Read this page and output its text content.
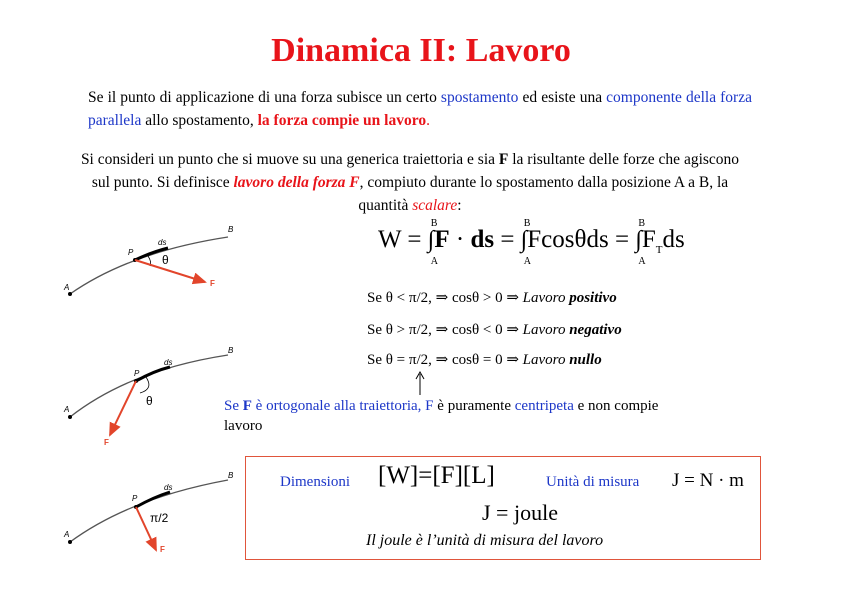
Dinamica II: Lavoro
Se il punto di applicazione di una forza subisce un certo spostamento ed esiste una componente della forza parallela allo spostamento, la forza compie un lavoro.
Si consideri un punto che si muove su una generica traiettoria e sia F la risultante delle forze che agiscono sul punto. Si definisce lavoro della forza F, compiuto durante lo spostamento dalla posizione A a B, la quantità scalare:
W =
B
∫
A
F · ds =
B
∫
A
Fcosθds =
B
∫
A
$F_Tds$
Se θ < π/2, ⇒ cosθ > 0 ⇒ Lavoro positivo
Se θ > π/2, ⇒ cosθ < 0 ⇒ Lavoro negativo
Se θ = π/2, ⇒ cosθ = 0 ⇒ Lavoro nullo
Se F è ortogonale alla traiettoria, F è puramente centripeta e non compie lavoro
Dimensioni [W]=[F][L]	Unità di misura J = N · m
J = joule
Il joule è l’unità di misura del lavoro
A
B
P
ds
F
θ
A
B
P
ds
F
θ
A
B
P
ds
F
π/2
